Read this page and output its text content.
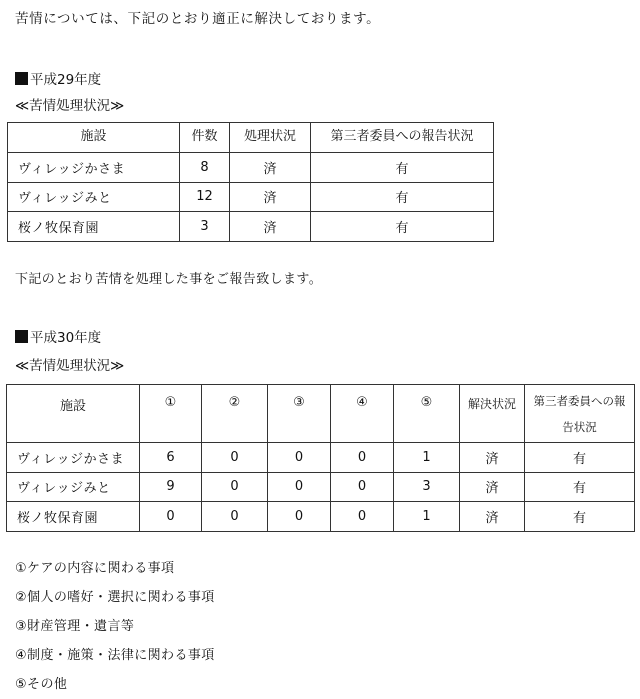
苦情については、下記のとおり適正に解決しております。
平成29年度
≪苦情処理状況≫
施設	件数	処理状況	第三者委員への報告状況
ヴィレッジかさま	8	済	有
ヴィレッジみと	12	済	有
桜ノ牧保育園	3	済	有
下記のとおり苦情を処理した事をご報告致します。
平成30年度
≪苦情処理状況≫
施設	①	②	③	④	⑤	解決状況	第三者委員への報
告状況

ヴィレッジかさま	6	0	0	0	1	済	有
ヴィレッジみと	9	0	0	0	3	済	有
桜ノ牧保育園	0	0	0	0	1	済	有
①ケアの内容に関わる事項
②個人の嗜好・選択に関わる事項
③財産管理・遺言等
④制度・施策・法律に関わる事項
⑤その他
